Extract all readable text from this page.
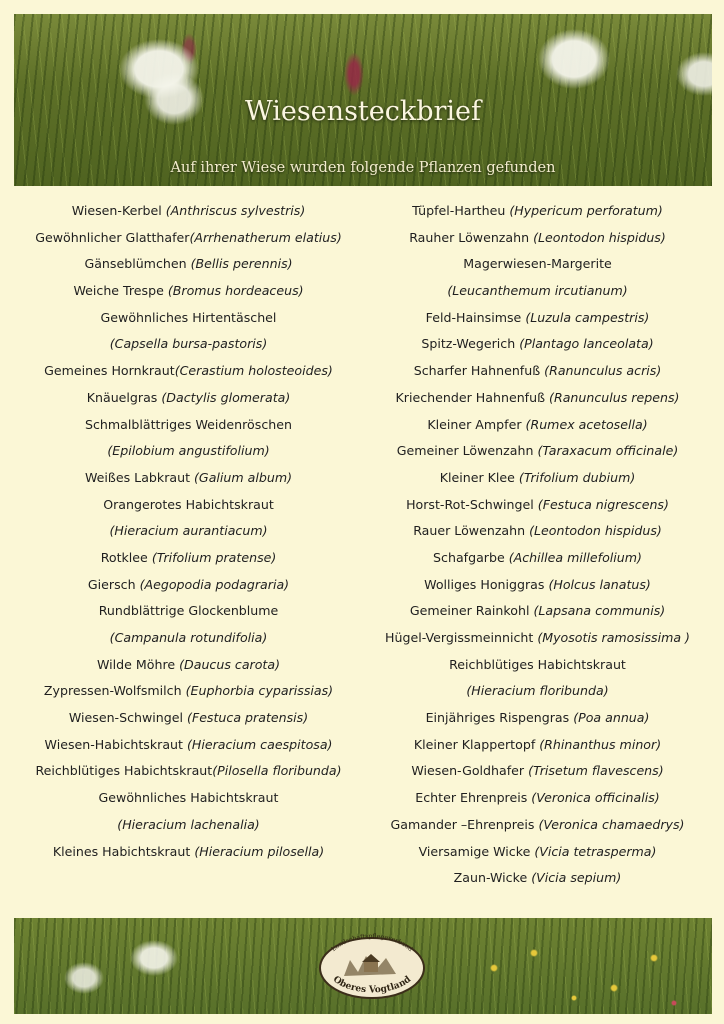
Wiesensteckbrief
Auf ihrer Wiese wurden folgende Pflanzen gefunden
Wiesen-Kerbel (Anthriscus sylvestris)
Gewöhnlicher Glatthafer(Arrhenatherum elatius)
Gänseblümchen (Bellis perennis)
Weiche Trespe (Bromus hordeaceus)
Gewöhnliches Hirtentäschel
(Capsella bursa-pastoris)
Gemeines Hornkraut(Cerastium holosteoides)
Knäuelgras (Dactylis glomerata)
Schmalblättriges Weidenröschen
(Epilobium angustifolium)
Weißes Labkraut (Galium album)
Orangerotes Habichtskraut
(Hieracium aurantiacum)
Rotklee (Trifolium pratense)
Giersch (Aegopodia podagraria)
Rundblättrige Glockenblume
(Campanula rotundifolia)
Wilde Möhre (Daucus carota)
Zypressen-Wolfsmilch (Euphorbia cyparissias)
Wiesen-Schwingel (Festuca pratensis)
Wiesen-Habichtskraut (Hieracium caespitosa)
Reichblütiges Habichtskraut(Pilosella floribunda)
Gewöhnliches Habichtskraut
(Hieracium lachenalia)
Kleines Habichtskraut (Hieracium pilosella)
Tüpfel-Hartheu (Hypericum perforatum)
Rauher Löwenzahn (Leontodon hispidus)
Magerwiesen-Margerite
(Leucanthemum ircutianum)
Feld-Hainsimse (Luzula campestris)
Spitz-Wegerich (Plantago lanceolata)
Scharfer Hahnenfuß (Ranunculus acris)
Kriechender Hahnenfuß (Ranunculus repens)
Kleiner Ampfer (Rumex acetosella)
Gemeiner Löwenzahn (Taraxacum officinale)
Kleiner Klee (Trifolium dubium)
Horst-Rot-Schwingel (Festuca nigrescens)
Rauer Löwenzahn (Leontodon hispidus)
Schafgarbe (Achillea millefolium)
Wolliges Honiggras (Holcus lanatus)
Gemeiner Rainkohl (Lapsana communis)
Hügel-Vergissmeinnicht (Myosotis ramosissima )
Reichblütiges Habichtskraut
(Hieracium floribunda)
Einjähriges Rispengras (Poa annua)
Kleiner Klappertopf (Rhinanthus minor)
Wiesen-Goldhafer (Trisetum flavescens)
Echter Ehrenpreis (Veronica officinalis)
Gamander –Ehrenpreis (Veronica chamaedrys)
Viersamige Wicke (Vicia tetrasperma)
Zaun-Wicke (Vicia sepium)
Landschaftspflegeverband
Oberes Vogtland
